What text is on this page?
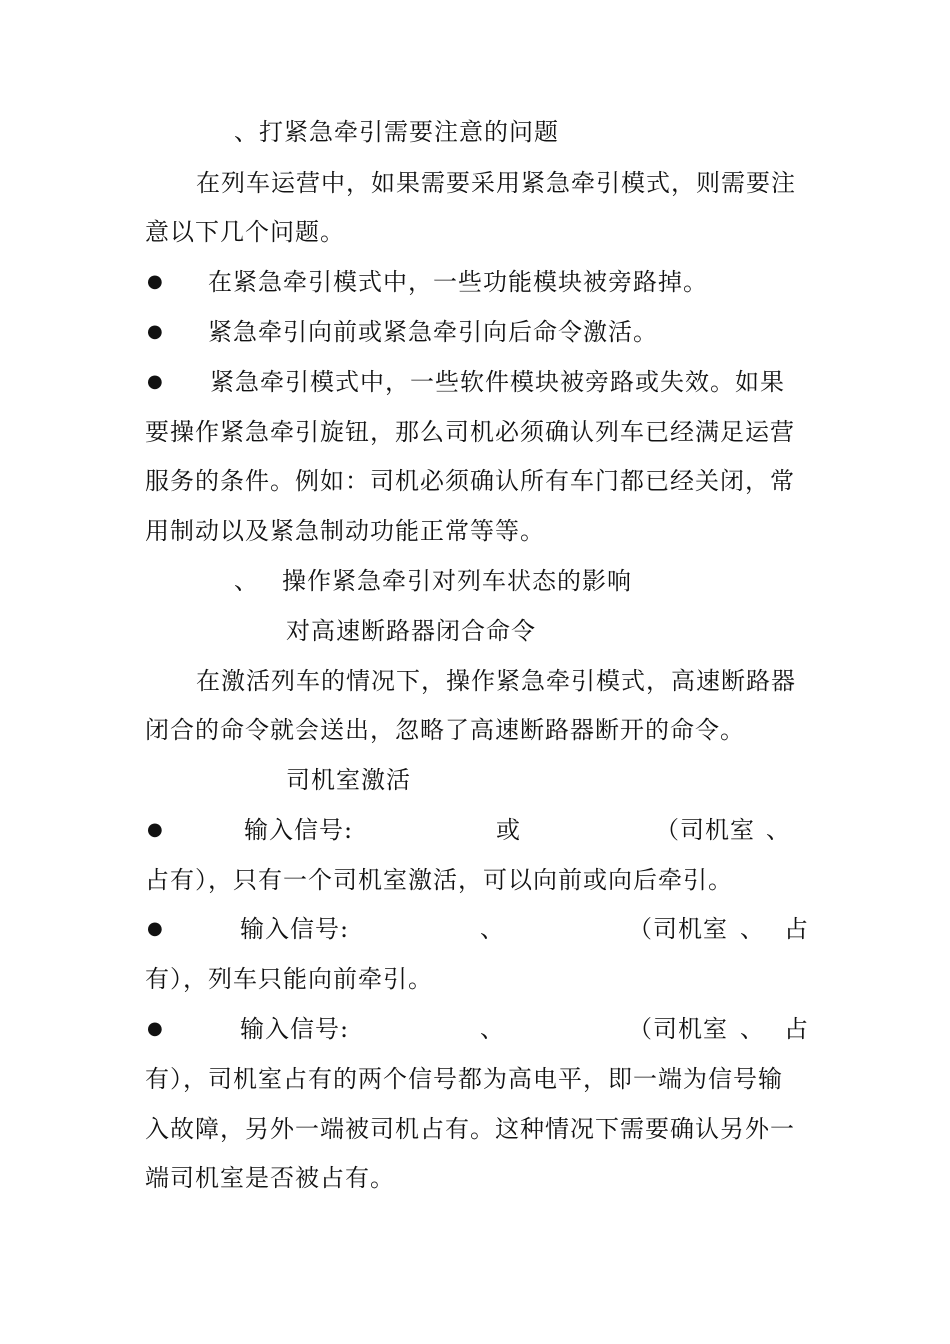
、打紧急牵引需要注意的问题
在列车运营中，如果需要采用紧急牵引模式，则需要注
意以下几个问题。
● 在紧急牵引模式中，一些功能模块被旁路掉。
● 紧急牵引向前或紧急牵引向后命令激活。
● 紧急牵引模式中，一些软件模块被旁路或失效。如果
要操作紧急牵引旋钮，那么司机必须确认列车已经满足运营
服务的条件。例如：司机必须确认所有车门都已经关闭，常
用制动以及紧急制动功能正常等等。
、 操作紧急牵引对列车状态的影响
对高速断路器闭合命令
在激活列车的情况下，操作紧急牵引模式，高速断路器
闭合的命令就会送出，忽略了高速断路器断开的命令。
司机室激活
●	输入信号:	或	（司机室 、
占有），只有一个司机室激活，可以向前或向后牵引。
●	输入信号:	、	（司机室 、 占
有），列车只能向前牵引。
●	输入信号:	、	（司机室 、 占
有），司机室占有的两个信号都为高电平，即一端为信号输
入故障，另外一端被司机占有。这种情况下需要确认另外一
端司机室是否被占有。
